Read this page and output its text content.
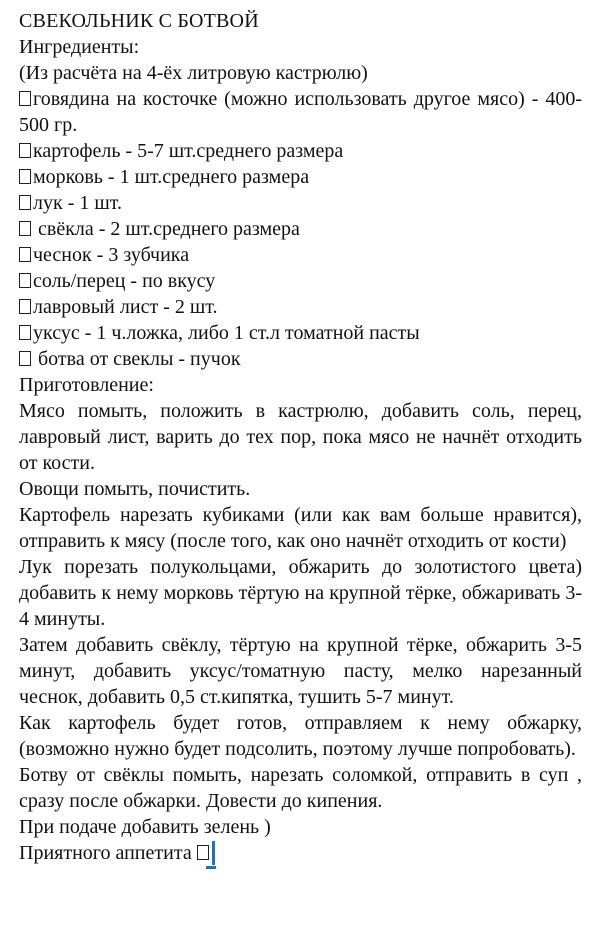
СВЕКОЛЬНИК С БОТВОЙ

Ингредиенты:

(Из расчёта на 4-ёх литровую кастрюлю)

говядина на косточке (можно использовать другое мясо) - 400-500 гр.

картофель - 5-7 шт.среднего размера

морковь - 1 шт.среднего размера

лук - 1 шт.

свёкла - 2 шт.среднего размера

чеснок - 3 зубчика

соль/перец - по вкусу

лавровый лист - 2 шт.

уксус - 1 ч.ложка, либо 1 ст.л томатной пасты

ботва от свеклы - пучок

Приготовление:

Мясо помыть, положить в кастрюлю, добавить соль, перец, лавровый лист, варить до тех пор, пока мясо не начнёт отходить от кости.

Овощи помыть, почистить.

Картофель нарезать кубиками (или как вам больше нравится), отправить к мясу (после того, как оно начнёт отходить от кости)

Лук порезать полукольцами, обжарить до золотистого цвета) добавить к нему морковь тёртую на крупной тёрке, обжаривать 3-4 минуты.

Затем добавить свёклу, тёртую на крупной тёрке, обжарить 3-5 минут, добавить уксус/томатную пасту, мелко нарезанный чеснок, добавить 0,5 ст.кипятка, тушить 5-7 минут.

Как картофель будет готов, отправляем к нему обжарку, (возможно нужно будет подсолить, поэтому лучше попробовать).

Ботву от свёклы помыть, нарезать соломкой, отправить в суп , сразу после обжарки. Довести до кипения.

При подаче добавить зелень )

Приятного аппетита
